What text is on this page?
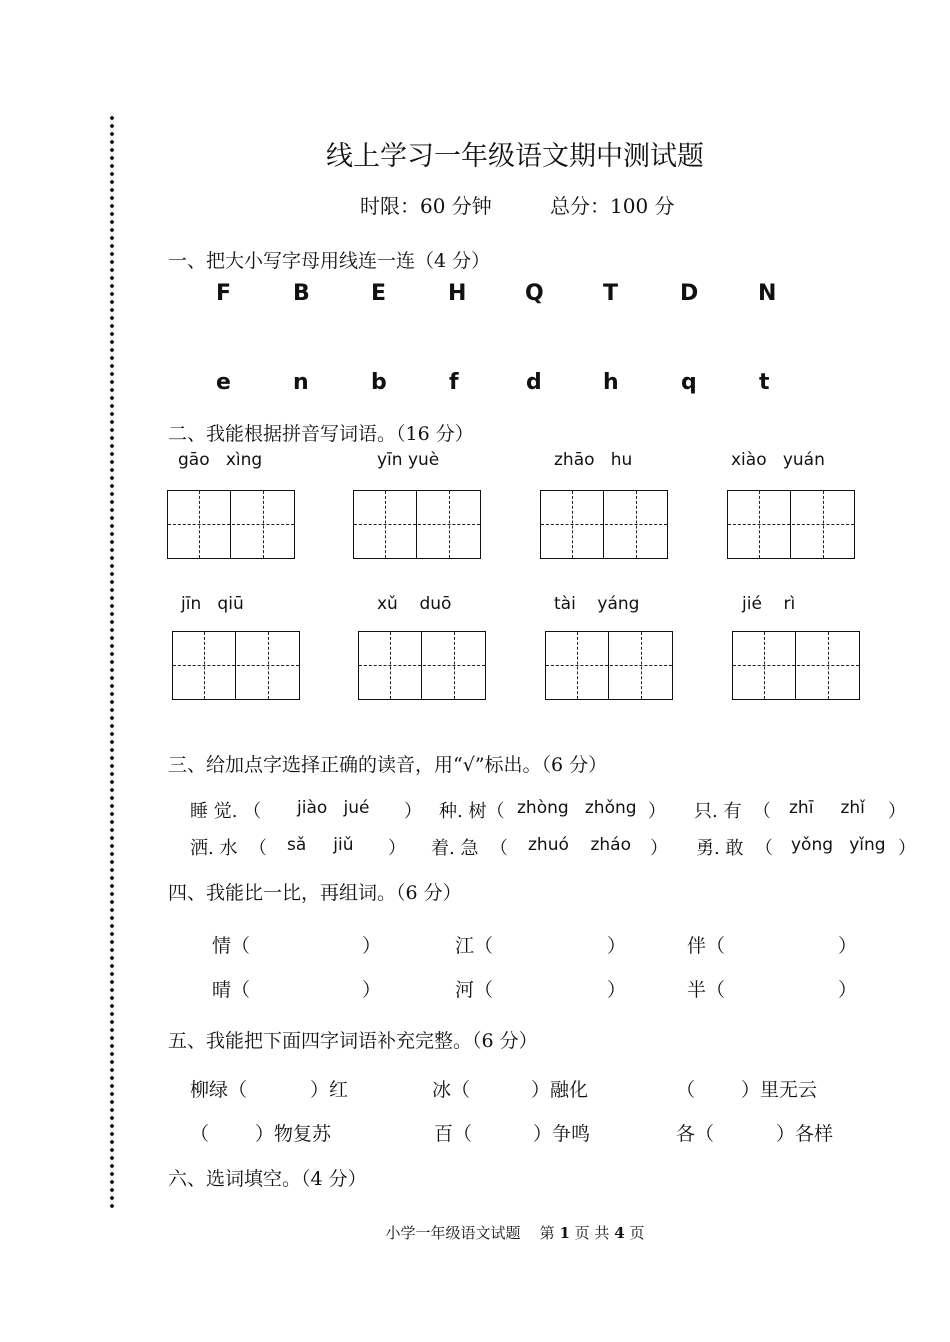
线上学习一年级语文期中测试题
时限：60 分钟	总分：100 分
一、把大小写字母用线连一连（4 分）
F	B	E	H	Q	T	D	N
e	n	b	f	d	h	q	t
二、我能根据拼音写词语。（16 分）
gāo   xìng	yīn yuè	zhāo   hu	xiào   yuán
jīn   qiū	xǔ    duō	tài    yáng	jié    rì
三、给加点字选择正确的读音，用“√”标出。（6 分）
睡 觉. （ jiào   jué ） 种. 树（ zhòng   zhǒng ） 只. 有  （ zhī     zhǐ ）
洒. 水  （ sǎ     jiǔ ） 着. 急  （ zhuó    zháo ） 勇. 敢  （ yǒng   yǐng ）
四、我能比一比，再组词。（6 分）
情（	）	江（	）	伴（	）
晴（	）	河（	）	半（	）
五、我能把下面四字词语补充完整。（6 分）
柳绿（	）红	冰（	）融化	（ ）里无云
（ ）物复苏	百（	）争鸣	各（	）各样
六、选词填空。（4 分）
小学一年级语文试题 第 1 页 共 4 页
